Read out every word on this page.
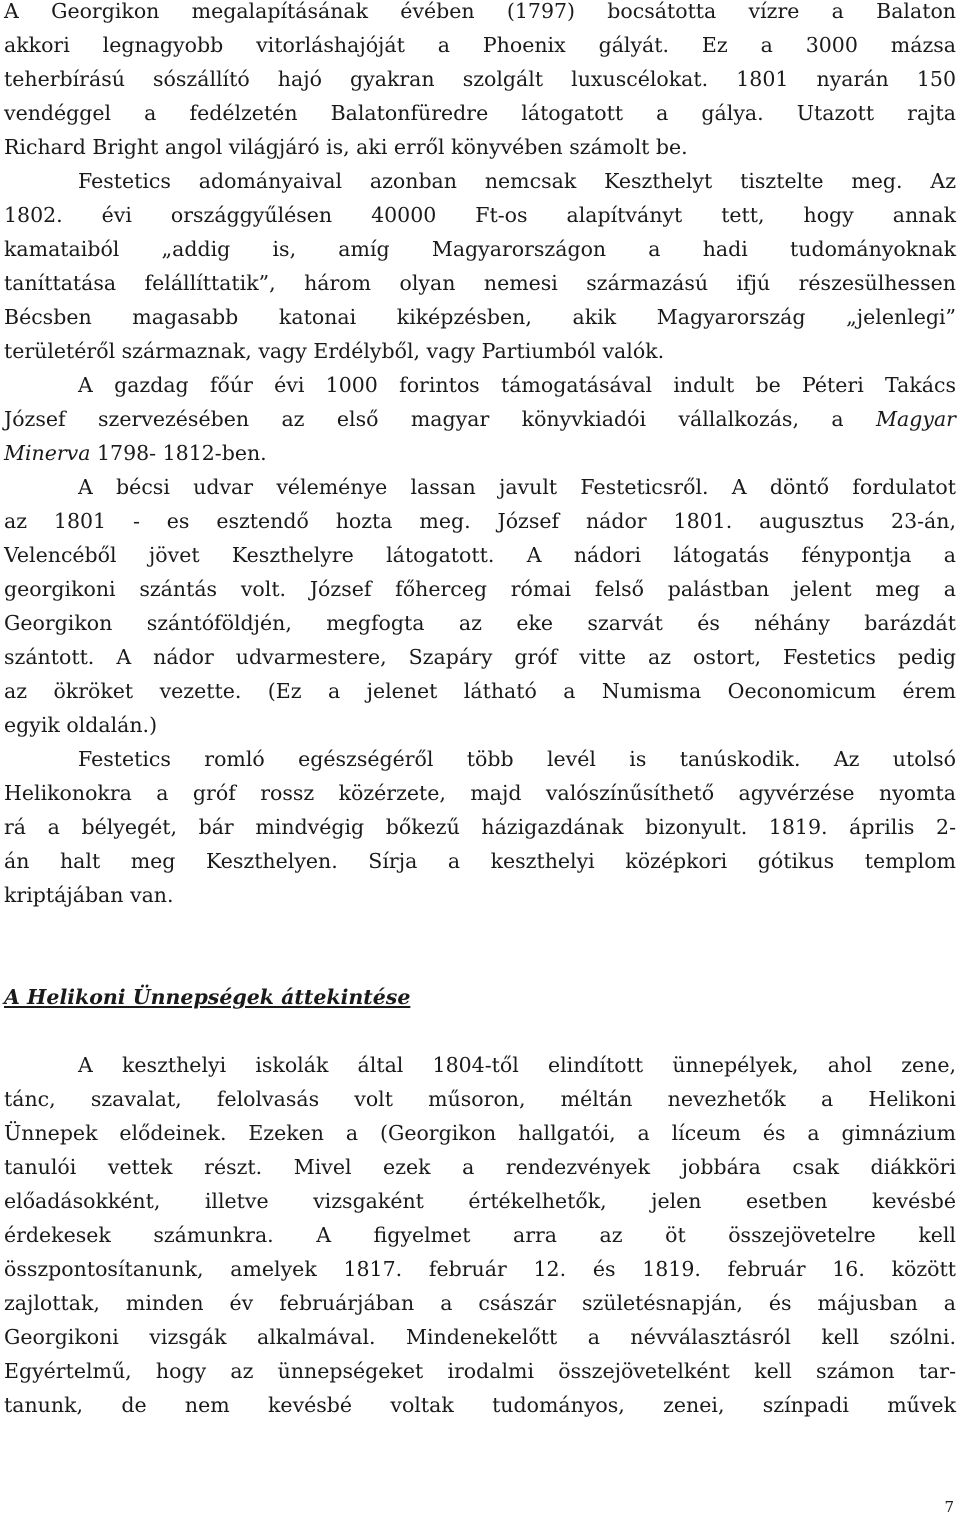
A Georgikon megalapításának évében (1797) bocsátotta vízre a Balaton
akkori legnagyobb vitorláshajóját a Phoenix gályát. Ez a 3000 mázsa
teherbírású sószállító hajó gyakran szolgált luxuscélokat. 1801 nyarán 150
vendéggel a fedélzetén Balatonfüredre látogatott a gálya. Utazott rajta
Richard Bright angol világjáró is, aki erről könyvében számolt be.
Festetics adományaival azonban nemcsak Keszthelyt tisztelte meg. Az
1802. évi országgyűlésen 40000 Ft-os alapítványt tett, hogy annak
kamataiból „addig is, amíg Magyarországon a hadi tudományoknak
taníttatása felállíttatik”, három olyan nemesi származású ifjú részesülhessen
Bécsben magasabb katonai kiképzésben, akik Magyarország „jelenlegi”
területéről származnak, vagy Erdélyből, vagy Partiumból valók.
A gazdag főúr évi 1000 forintos támogatásával indult be Péteri Takács
József szervezésében az első magyar könyvkiadói vállalkozás, a Magyar
Minerva 1798- 1812-ben.
A bécsi udvar véleménye lassan javult Festeticsről. A döntő fordulatot
az 1801 - es esztendő hozta meg. József nádor 1801. augusztus 23-án,
Velencéből jövet Keszthelyre látogatott. A nádori látogatás fénypontja a
georgikoni szántás volt. József főherceg római felső palástban jelent meg a
Georgikon szántóföldjén, megfogta az eke szarvát és néhány barázdát
szántott. A nádor udvarmestere, Szapáry gróf vitte az ostort, Festetics pedig
az ökröket vezette. (Ez a jelenet látható a Numisma Oeconomicum érem
egyik oldalán.)
Festetics romló egészségéről több levél is tanúskodik. Az utolsó
Helikonokra a gróf rossz közérzete, majd valószínűsíthető agyvérzése nyomta
rá a bélyegét, bár mindvégig bőkezű házigazdának bizonyult. 1819. április 2-
án halt meg Keszthelyen. Sírja a keszthelyi középkori gótikus templom
kriptájában van.
A Helikoni Ünnepségek áttekintése
A keszthelyi iskolák által 1804-től elindított ünnepélyek, ahol zene,
tánc, szavalat, felolvasás volt műsoron, méltán nevezhetők a Helikoni
Ünnepek elődeinek. Ezeken a (Georgikon hallgatói, a líceum és a gimnázium
tanulói vettek részt. Mivel ezek a rendezvények jobbára csak diákköri
előadásokként, illetve vizsgaként értékelhetők, jelen esetben kevésbé
érdekesek számunkra. A figyelmet arra az öt összejövetelre kell
összpontosítanunk, amelyek 1817. február 12. és 1819. február 16. között
zajlottak, minden év februárjában a császár születésnapján, és májusban a
Georgikoni vizsgák alkalmával. Mindenekelőtt a névválasztásról kell szólni.
Egyértelmű, hogy az ünnepségeket irodalmi összejövetelként kell számon tar-
tanunk, de nem kevésbé voltak tudományos, zenei, színpadi művek
7
